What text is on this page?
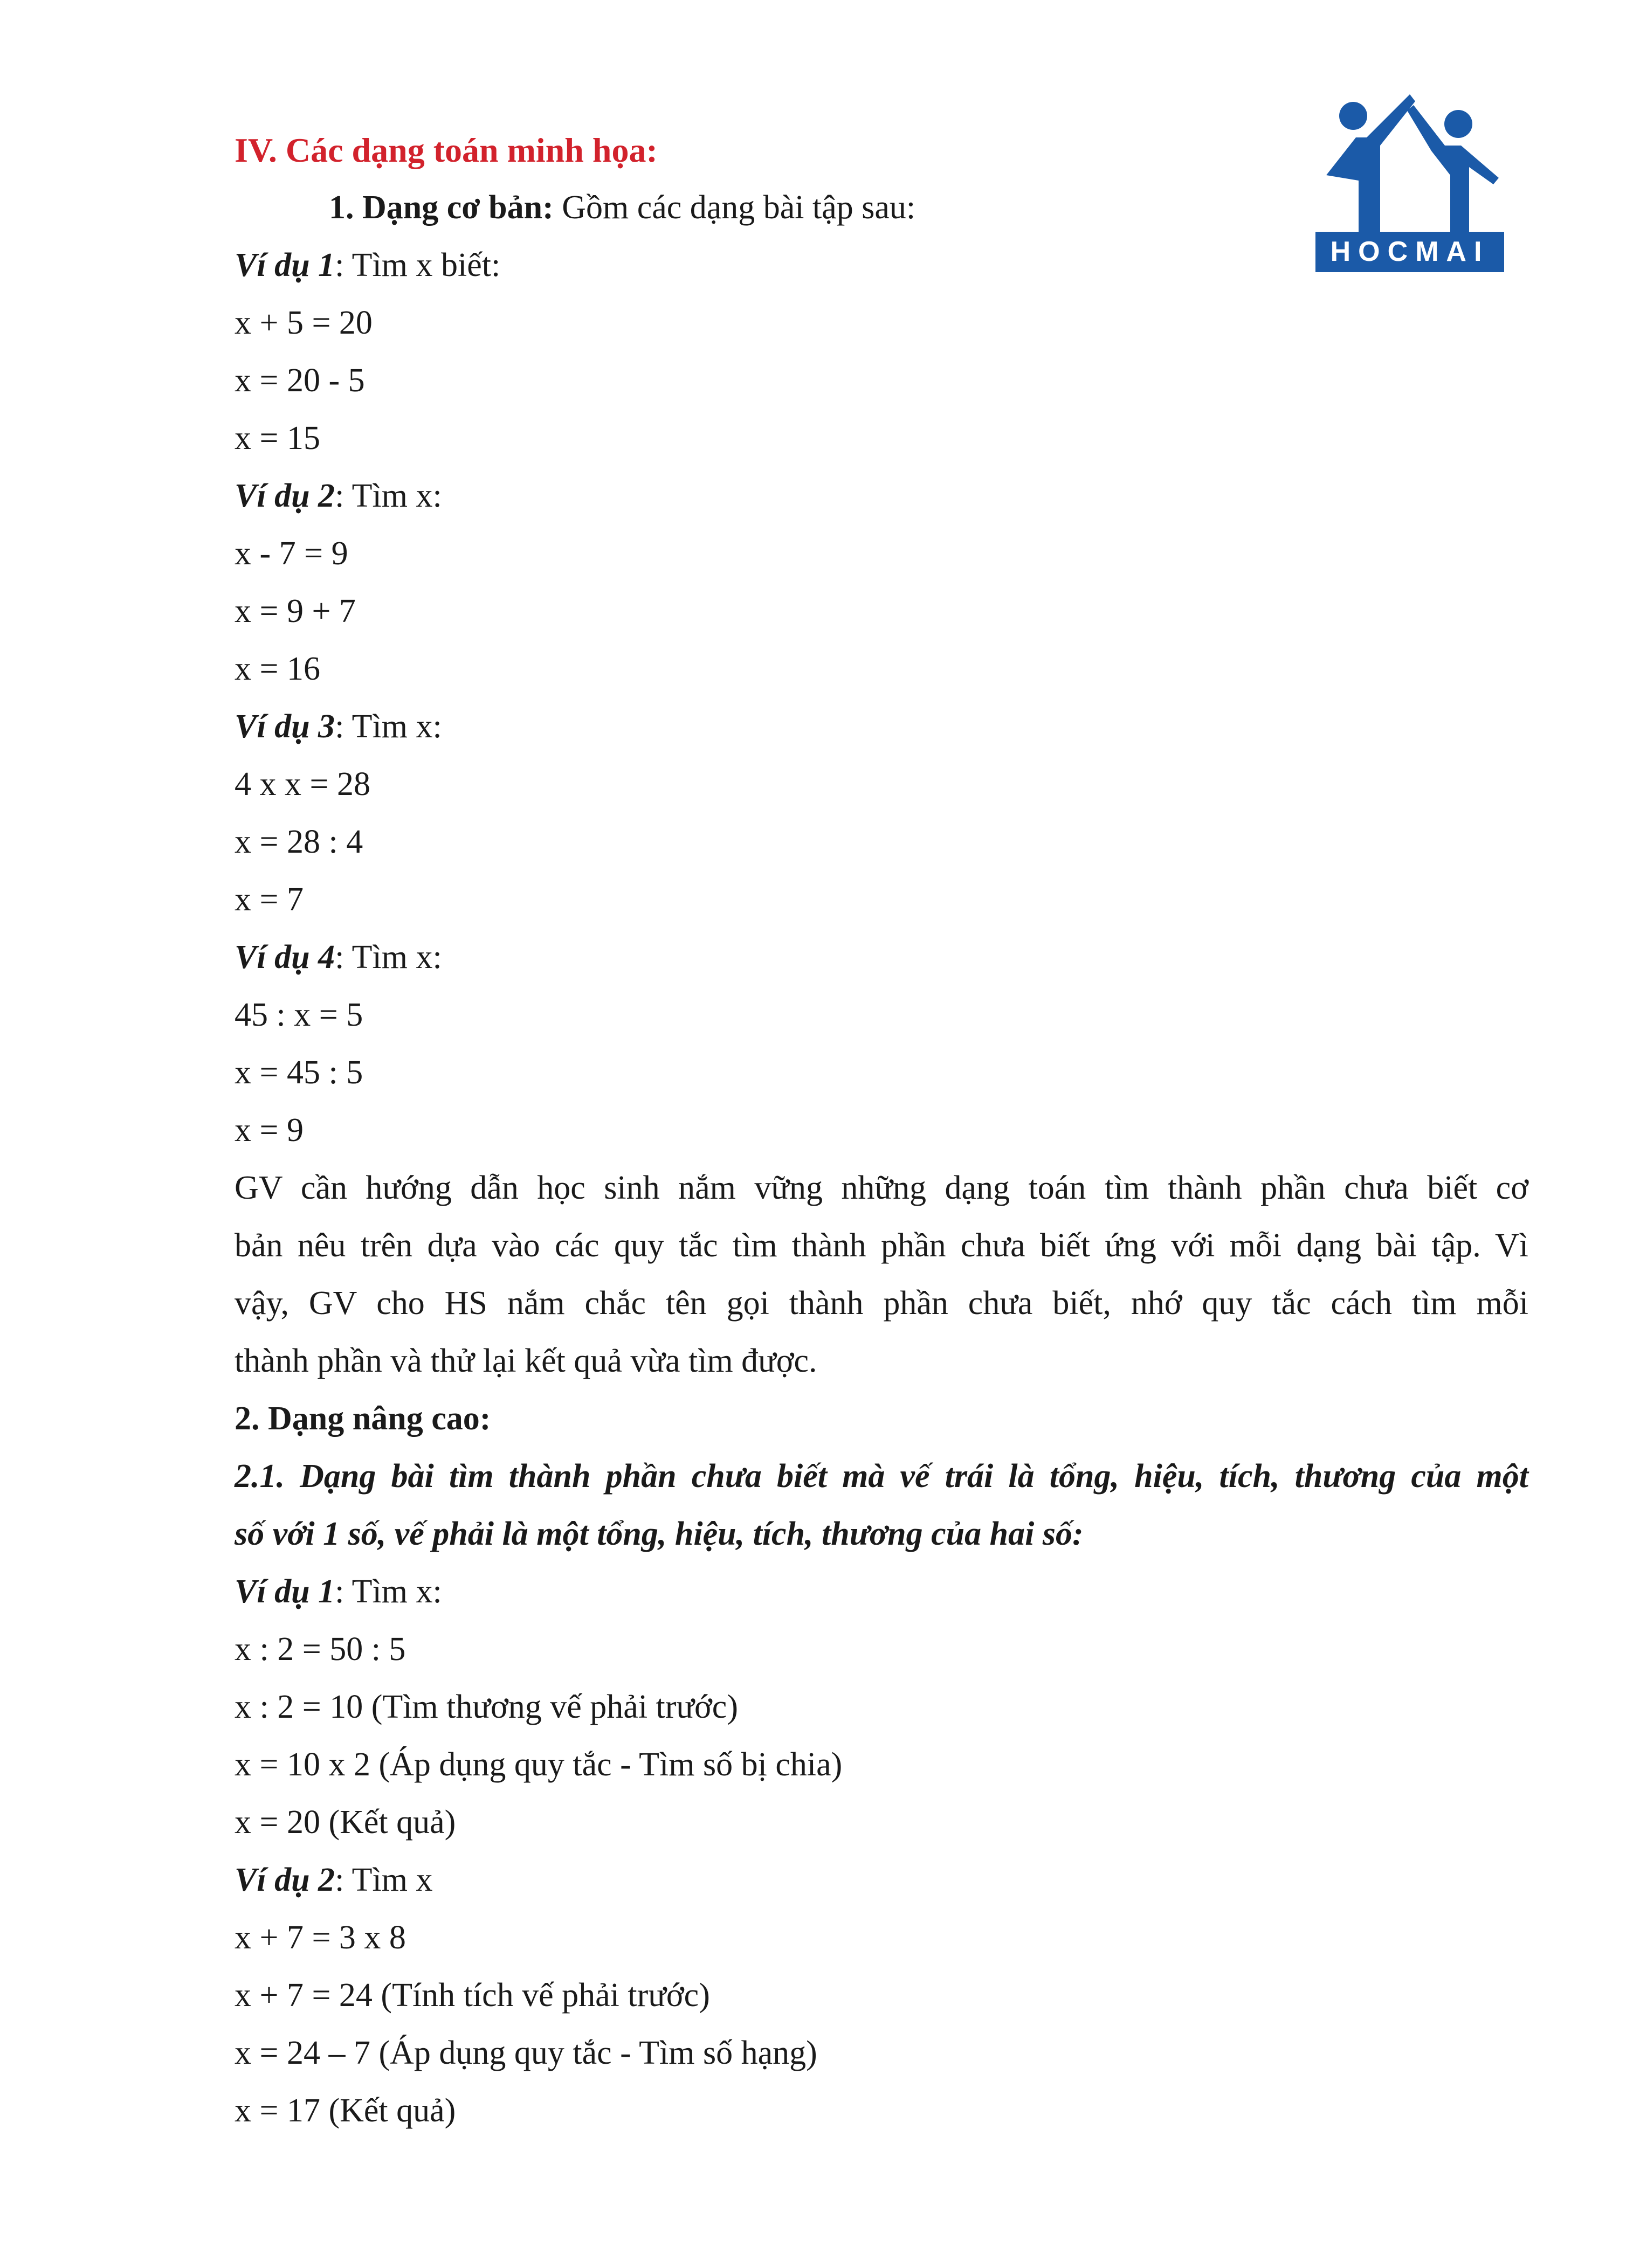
HOCMAI
IV. Các dạng toán minh họa:
1. Dạng cơ bản: Gồm các dạng bài tập sau:
Ví dụ 1: Tìm x biết:
x + 5 = 20
x = 20 - 5
x = 15
Ví dụ 2: Tìm x:
x - 7 = 9
x = 9 + 7
x = 16
Ví dụ 3: Tìm x:
4 x x = 28
x = 28 : 4
x = 7
Ví dụ 4: Tìm x:
45 : x = 5
x = 45 : 5
x = 9
GV cần hướng dẫn học sinh nắm vững những dạng toán tìm thành phần chưa biết cơ
bản nêu trên dựa vào các quy tắc tìm thành phần chưa biết ứng với mỗi dạng bài tập. Vì
vậy, GV cho HS nắm chắc tên gọi thành phần chưa biết, nhớ quy tắc cách tìm mỗi
thành phần và thử lại kết quả vừa tìm được.
2. Dạng nâng cao:
2.1. Dạng bài tìm thành phần chưa biết mà vế trái là tổng, hiệu, tích, thương của một
số với 1 số, vế phải là một tổng, hiệu, tích, thương của hai số:
Ví dụ 1: Tìm x:
x : 2 = 50 : 5
x : 2 = 10 (Tìm thương vế phải trước)
x = 10 x 2 (Áp dụng quy tắc - Tìm số bị chia)
x = 20 (Kết quả)
Ví dụ 2: Tìm x
x + 7 = 3 x 8
x + 7 = 24 (Tính tích vế phải trước)
x = 24 – 7 (Áp dụng quy tắc - Tìm số hạng)
x = 17 (Kết quả)
